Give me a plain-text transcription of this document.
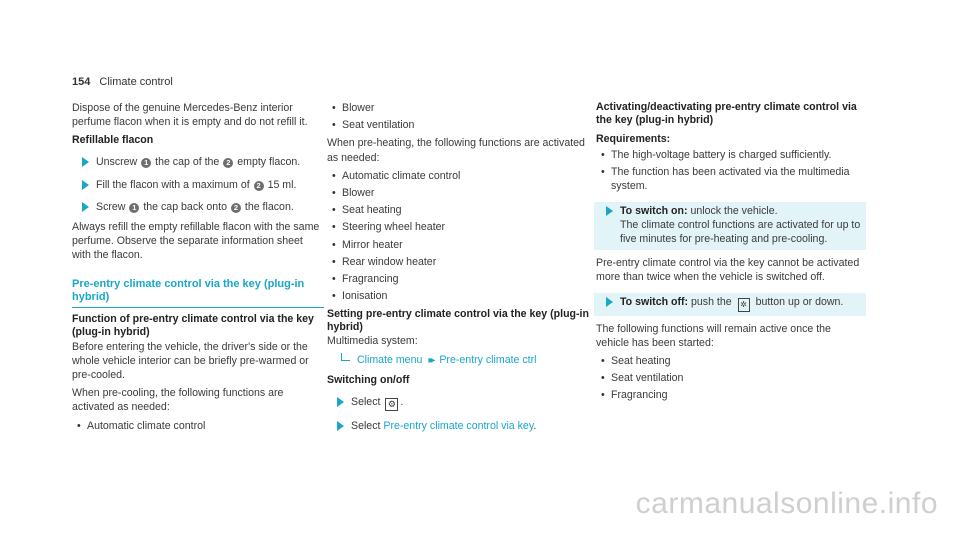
154 Climate control

Dispose of the genuine Mercedes-Benz interior perfume flacon when it is empty and do not refill it.

Refillable flacon
Unscrew 1 the cap of the 2 empty flacon.
Fill the flacon with a maximum of 2 15 ml.
Screw 1 the cap back onto 2 the flacon.

Always refill the empty refillable flacon with the same perfume. Observe the separate information sheet with the flacon.

Pre-entry climate control via the key (plug-in hybrid)
Function of pre-entry climate control via the key (plug-in hybrid)

Before entering the vehicle, the driver's side or the whole vehicle interior can be briefly pre-warmed or pre-cooled.

When pre-cooling, the following functions are activated as needed:

• Automatic climate control
• Blower
• Seat ventilation

When pre-heating, the following functions are activated as needed:

• Automatic climate control
• Blower
• Seat heating
• Steering wheel heater
• Mirror heater
• Rear window heater
• Fragrancing
• Ionisation
Setting pre-entry climate control via the key (plug-in hybrid)

Multimedia system:

Climate menu ▸▸ Pre-entry climate ctrl
Switching on/off
Select ⚙ .
Select Pre-entry climate control via key.
Activating/deactivating pre-entry climate control via the key (plug-in hybrid)
Requirements:
• The high-voltage battery is charged sufficiently.
• The function has been activated via the multimedia system.
To switch on: unlock the vehicle.
The climate control functions are activated for up to five minutes for pre-heating and pre-cooling.

Pre-entry climate control via the key cannot be activated more than twice when the vehicle is switched off.

To switch off: push the ✲ button up or down.

The following functions will remain active once the vehicle has been started:

• Seat heating
• Seat ventilation
• Fragrancing
carmanualsonline.info
